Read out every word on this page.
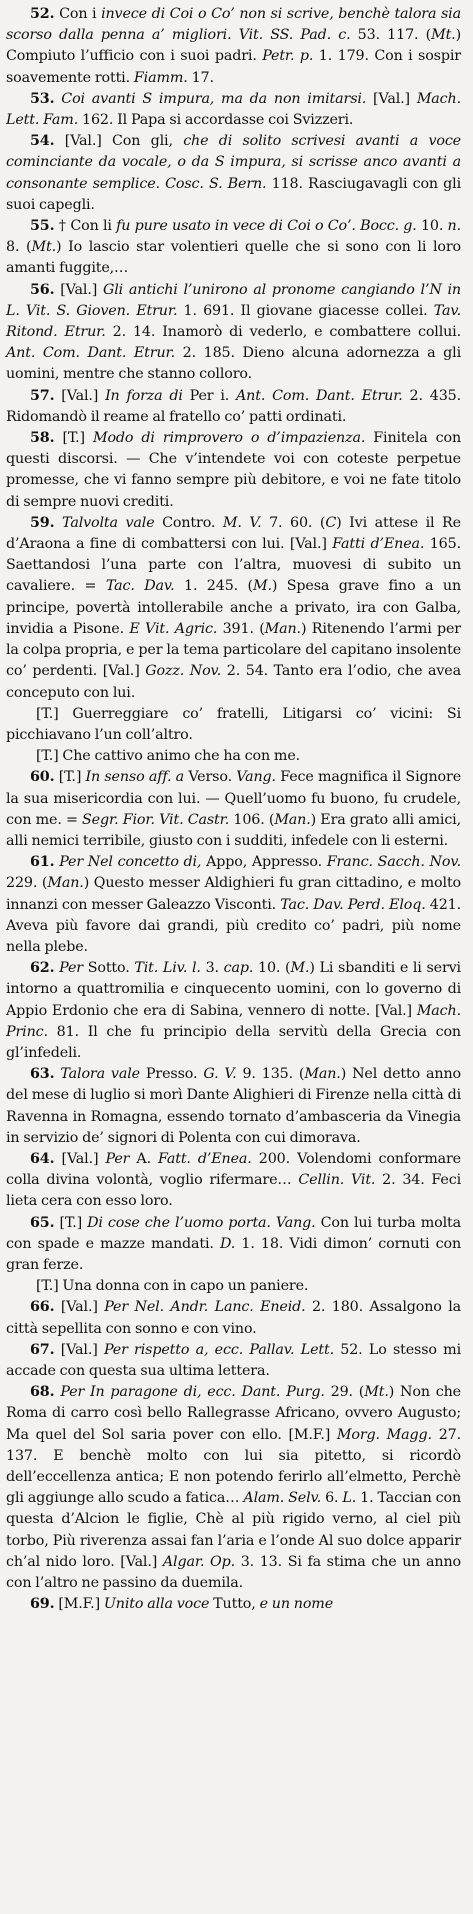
52. Con i invece di Coi o Co’ non si scrive, benchè talora sia scorso dalla penna a’ migliori. Vit. SS. Pad. c. 53. 117. (Mt.) Compiuto l’ufficio con i suoi padri. Petr. p. 1. 179. Con i sospir soavemente rotti. Fiamm. 17.

53. Coi avanti S impura, ma da non imitarsi. [Val.] Mach. Lett. Fam. 162. Il Papa si accordasse coi Svizzeri.

54. [Val.] Con gli, che di solito scrivesi avanti a voce cominciante da vocale, o da S impura, si scrisse anco avanti a consonante semplice. Cosc. S. Bern. 118. Rasciugavagli con gli suoi capegli.

55. † Con li fu pure usato in vece di Coi o Co’. Bocc. g. 10. n. 8. (Mt.) Io lascio star volentieri quelle che si sono con li loro amanti fuggite,…

56. [Val.] Gli antichi l’unirono al pronome cangiando l’N in L. Vit. S. Gioven. Etrur. 1. 691. Il giovane giacesse collei. Tav. Ritond. Etrur. 2. 14. Inamorò di vederlo, e combattere collui. Ant. Com. Dant. Etrur. 2. 185. Dieno alcuna adornezza a gli uomini, mentre che stanno colloro.

57. [Val.] In forza di Per i. Ant. Com. Dant. Etrur. 2. 435. Ridomandò il reame al fratello co’ patti ordinati.

58. [T.] Modo di rimprovero o d’impazienza. Finitela con questi discorsi. — Che v’intendete voi con coteste perpetue promesse, che vi fanno sempre più debitore, e voi ne fate titolo di sempre nuovi crediti.

59. Talvolta vale Contro. M. V. 7. 60. (C) Ivi attese il Re d’Araona a fine di combattersi con lui. [Val.] Fatti d’Enea. 165. Saettandosi l’una parte con l’altra, muovesi di subito un cavaliere. = Tac. Dav. 1. 245. (M.) Spesa grave fino a un principe, povertà intollerabile anche a privato, ira con Galba, invidia a Pisone. E Vit. Agric. 391. (Man.) Ritenendo l’armi per la colpa propria, e per la tema particolare del capitano insolente co’ perdenti. [Val.] Gozz. Nov. 2. 54. Tanto era l’odio, che avea conceputo con lui.

[T.] Guerreggiare co’ fratelli, Litigarsi co’ vicini: Si picchiavano l’un coll’altro.

[T.] Che cattivo animo che ha con me.

60. [T.] In senso aff. a Verso. Vang. Fece magnifica il Signore la sua misericordia con lui. — Quell’uomo fu buono, fu crudele, con me. = Segr. Fior. Vit. Castr. 106. (Man.) Era grato alli amici, alli nemici terribile, giusto con i sudditi, infedele con li esterni.

61. Per Nel concetto di, Appo, Appresso. Franc. Sacch. Nov. 229. (Man.) Questo messer Aldighieri fu gran cittadino, e molto innanzi con messer Galeazzo Visconti. Tac. Dav. Perd. Eloq. 421. Aveva più favore dai grandi, più credito co’ padri, più nome nella plebe.

62. Per Sotto. Tit. Liv. l. 3. cap. 10. (M.) Li sbanditi e li servi intorno a quattromilia e cinquecento uomini, con lo governo di Appio Erdonio che era di Sabina, vennero di notte. [Val.] Mach. Princ. 81. Il che fu principio della servitù della Grecia con gl’infedeli.

63. Talora vale Presso. G. V. 9. 135. (Man.) Nel detto anno del mese di luglio si morì Dante Alighieri di Firenze nella città di Ravenna in Romagna, essendo tornato d’ambasceria da Vinegia in servizio de’ signori di Polenta con cui dimorava.

64. [Val.] Per A. Fatt. d’Enea. 200. Volendomi conformare colla divina volontà, voglio rifermare… Cellin. Vit. 2. 34. Feci lieta cera con esso loro.

65. [T.] Di cose che l’uomo porta. Vang. Con lui turba molta con spade e mazze mandati. D. 1. 18. Vidi dimon’ cornuti con gran ferze.

[T.] Una donna con in capo un paniere.

66. [Val.] Per Nel. Andr. Lanc. Eneid. 2. 180. Assalgono la città sepellita con sonno e con vino.

67. [Val.] Per rispetto a, ecc. Pallav. Lett. 52. Lo stesso mi accade con questa sua ultima lettera.

68. Per In paragone di, ecc. Dant. Purg. 29. (Mt.) Non che Roma di carro così bello Rallegrasse Africano, ovvero Augusto; Ma quel del Sol saria pover con ello. [M.F.] Morg. Magg. 27. 137. E benchè molto con lui sia pitetto, si ricordò dell’eccellenza antica; E non potendo ferirlo all’elmetto, Perchè gli aggiunge allo scudo a fatica… Alam. Selv. 6. L. 1. Taccian con questa d’Alcion le figlie, Chè al più rigido verno, al ciel più torbo, Più riverenza assai fan l’aria e l’onde Al suo dolce apparir ch’al nido loro. [Val.] Algar. Op. 3. 13. Si fa stima che un anno con l’altro ne passino da duemila.

69. [M.F.] Unito alla voce Tutto, e un nome
